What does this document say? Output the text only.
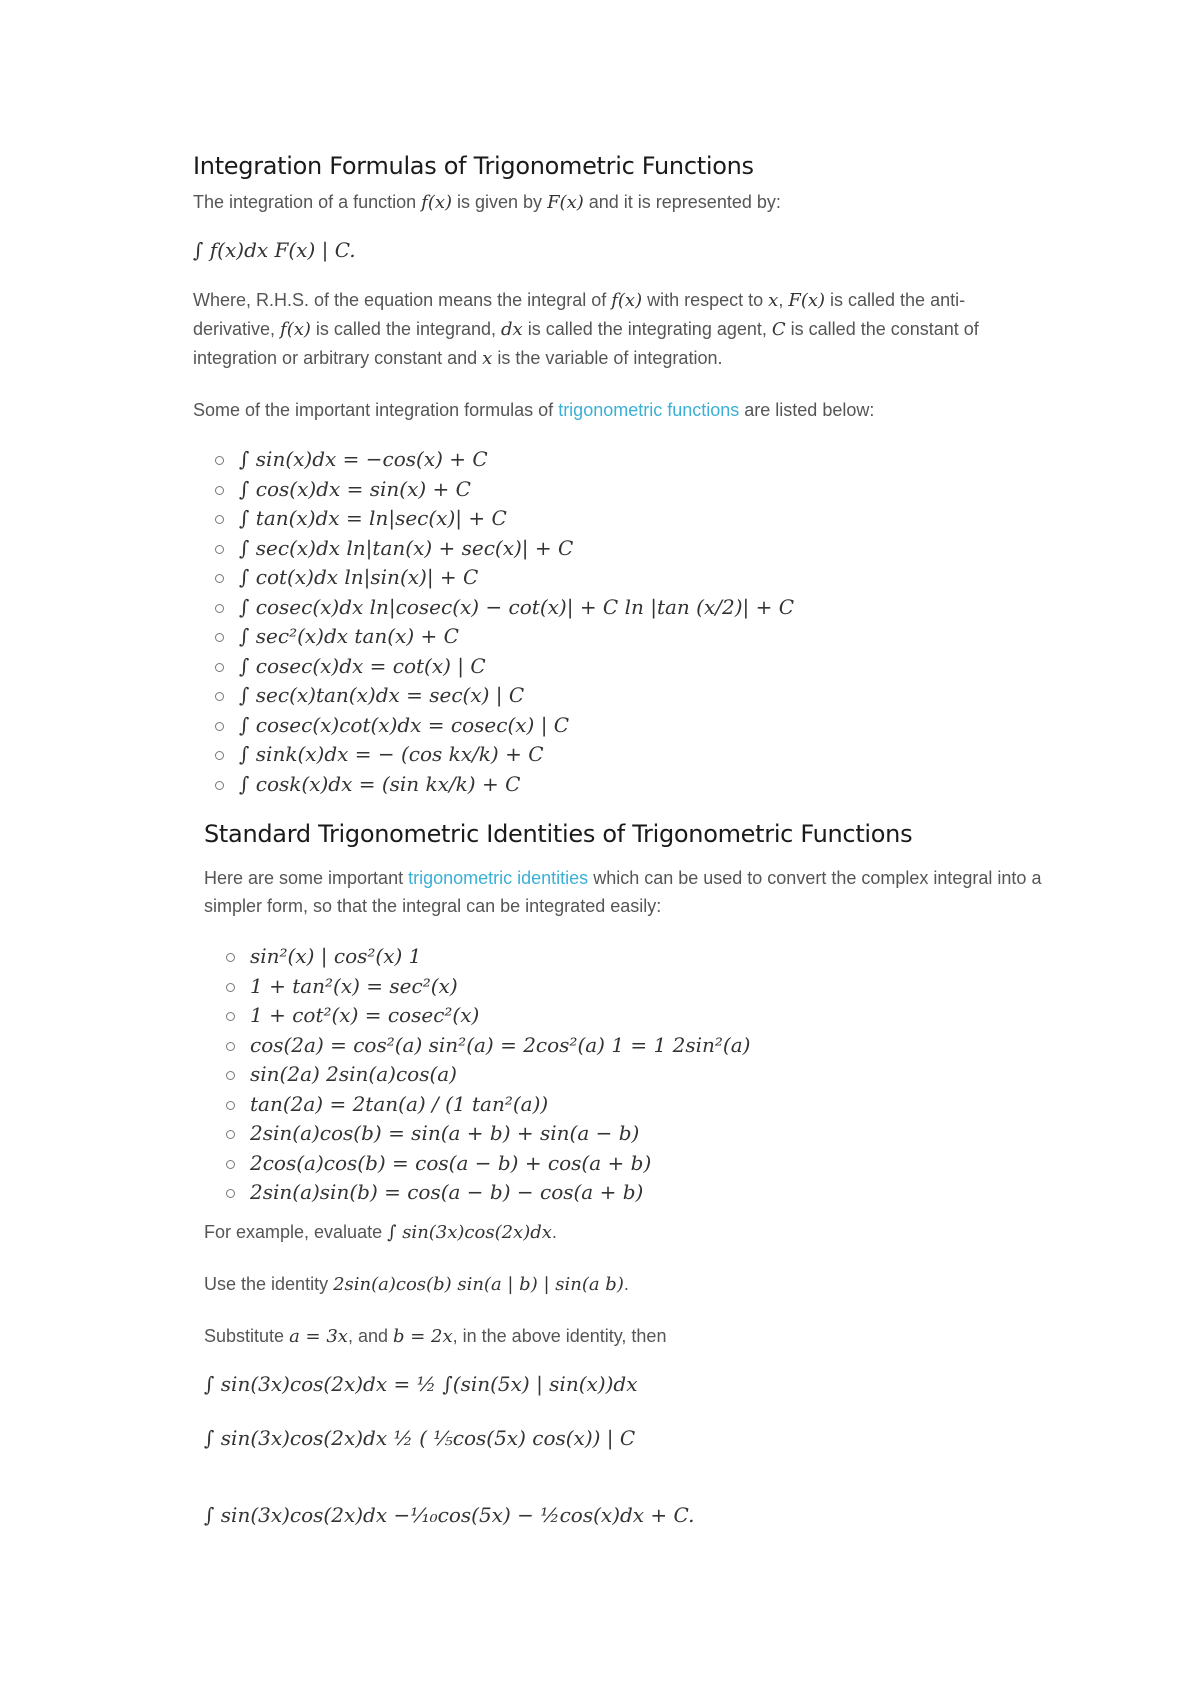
Integration Formulas of Trigonometric Functions
The integration of a function f(x) is given by F(x) and it is represented by:
∫ f(x)dx F(x) | C.
Where, R.H.S. of the equation means the integral of f(x) with respect to x, F(x) is called the anti-derivative, f(x) is called the integrand, dx is called the integrating agent, C is called the constant of integration or arbitrary constant and x is the variable of integration.
Some of the important integration formulas of trigonometric functions are listed below:
∫ sin(x)dx = −cos(x) + C
∫ cos(x)dx = sin(x) + C
∫ tan(x)dx = ln|sec(x)| + C
∫ sec(x)dx ln|tan(x) + sec(x)| + C
∫ cot(x)dx ln|sin(x)| + C
∫ cosec(x)dx ln|cosec(x) − cot(x)| + C ln |tan (x/2)| + C
∫ sec²(x)dx tan(x) + C
∫ cosec(x)dx = cot(x) | C
∫ sec(x)tan(x)dx = sec(x) | C
∫ cosec(x)cot(x)dx = cosec(x) | C
∫ sink(x)dx = − (cos kx/k) + C
∫ cosk(x)dx = (sin kx/k) + C
Standard Trigonometric Identities of Trigonometric Functions
Here are some important trigonometric identities which can be used to convert the complex integral into a simpler form, so that the integral can be integrated easily:
sin²(x) | cos²(x) 1
1 + tan²(x) = sec²(x)
1 + cot²(x) = cosec²(x)
cos(2a) = cos²(a) sin²(a) = 2cos²(a) 1 = 1 2sin²(a)
sin(2a) 2sin(a)cos(a)
tan(2a) = 2tan(a) / (1 tan²(a))
2sin(a)cos(b) = sin(a + b) + sin(a − b)
2cos(a)cos(b) = cos(a − b) + cos(a + b)
2sin(a)sin(b) = cos(a − b) − cos(a + b)
For example, evaluate ∫ sin(3x)cos(2x)dx.
Use the identity 2sin(a)cos(b) sin(a | b) | sin(a b).
Substitute a = 3x, and b = 2x, in the above identity, then
∫ sin(3x)cos(2x)dx = ½ ∫(sin(5x) | sin(x))dx
∫ sin(3x)cos(2x)dx ½ ( ⅕cos(5x) cos(x)) | C
∫ sin(3x)cos(2x)dx −¹⁄₁₀cos(5x) − ½cos(x)dx + C.
